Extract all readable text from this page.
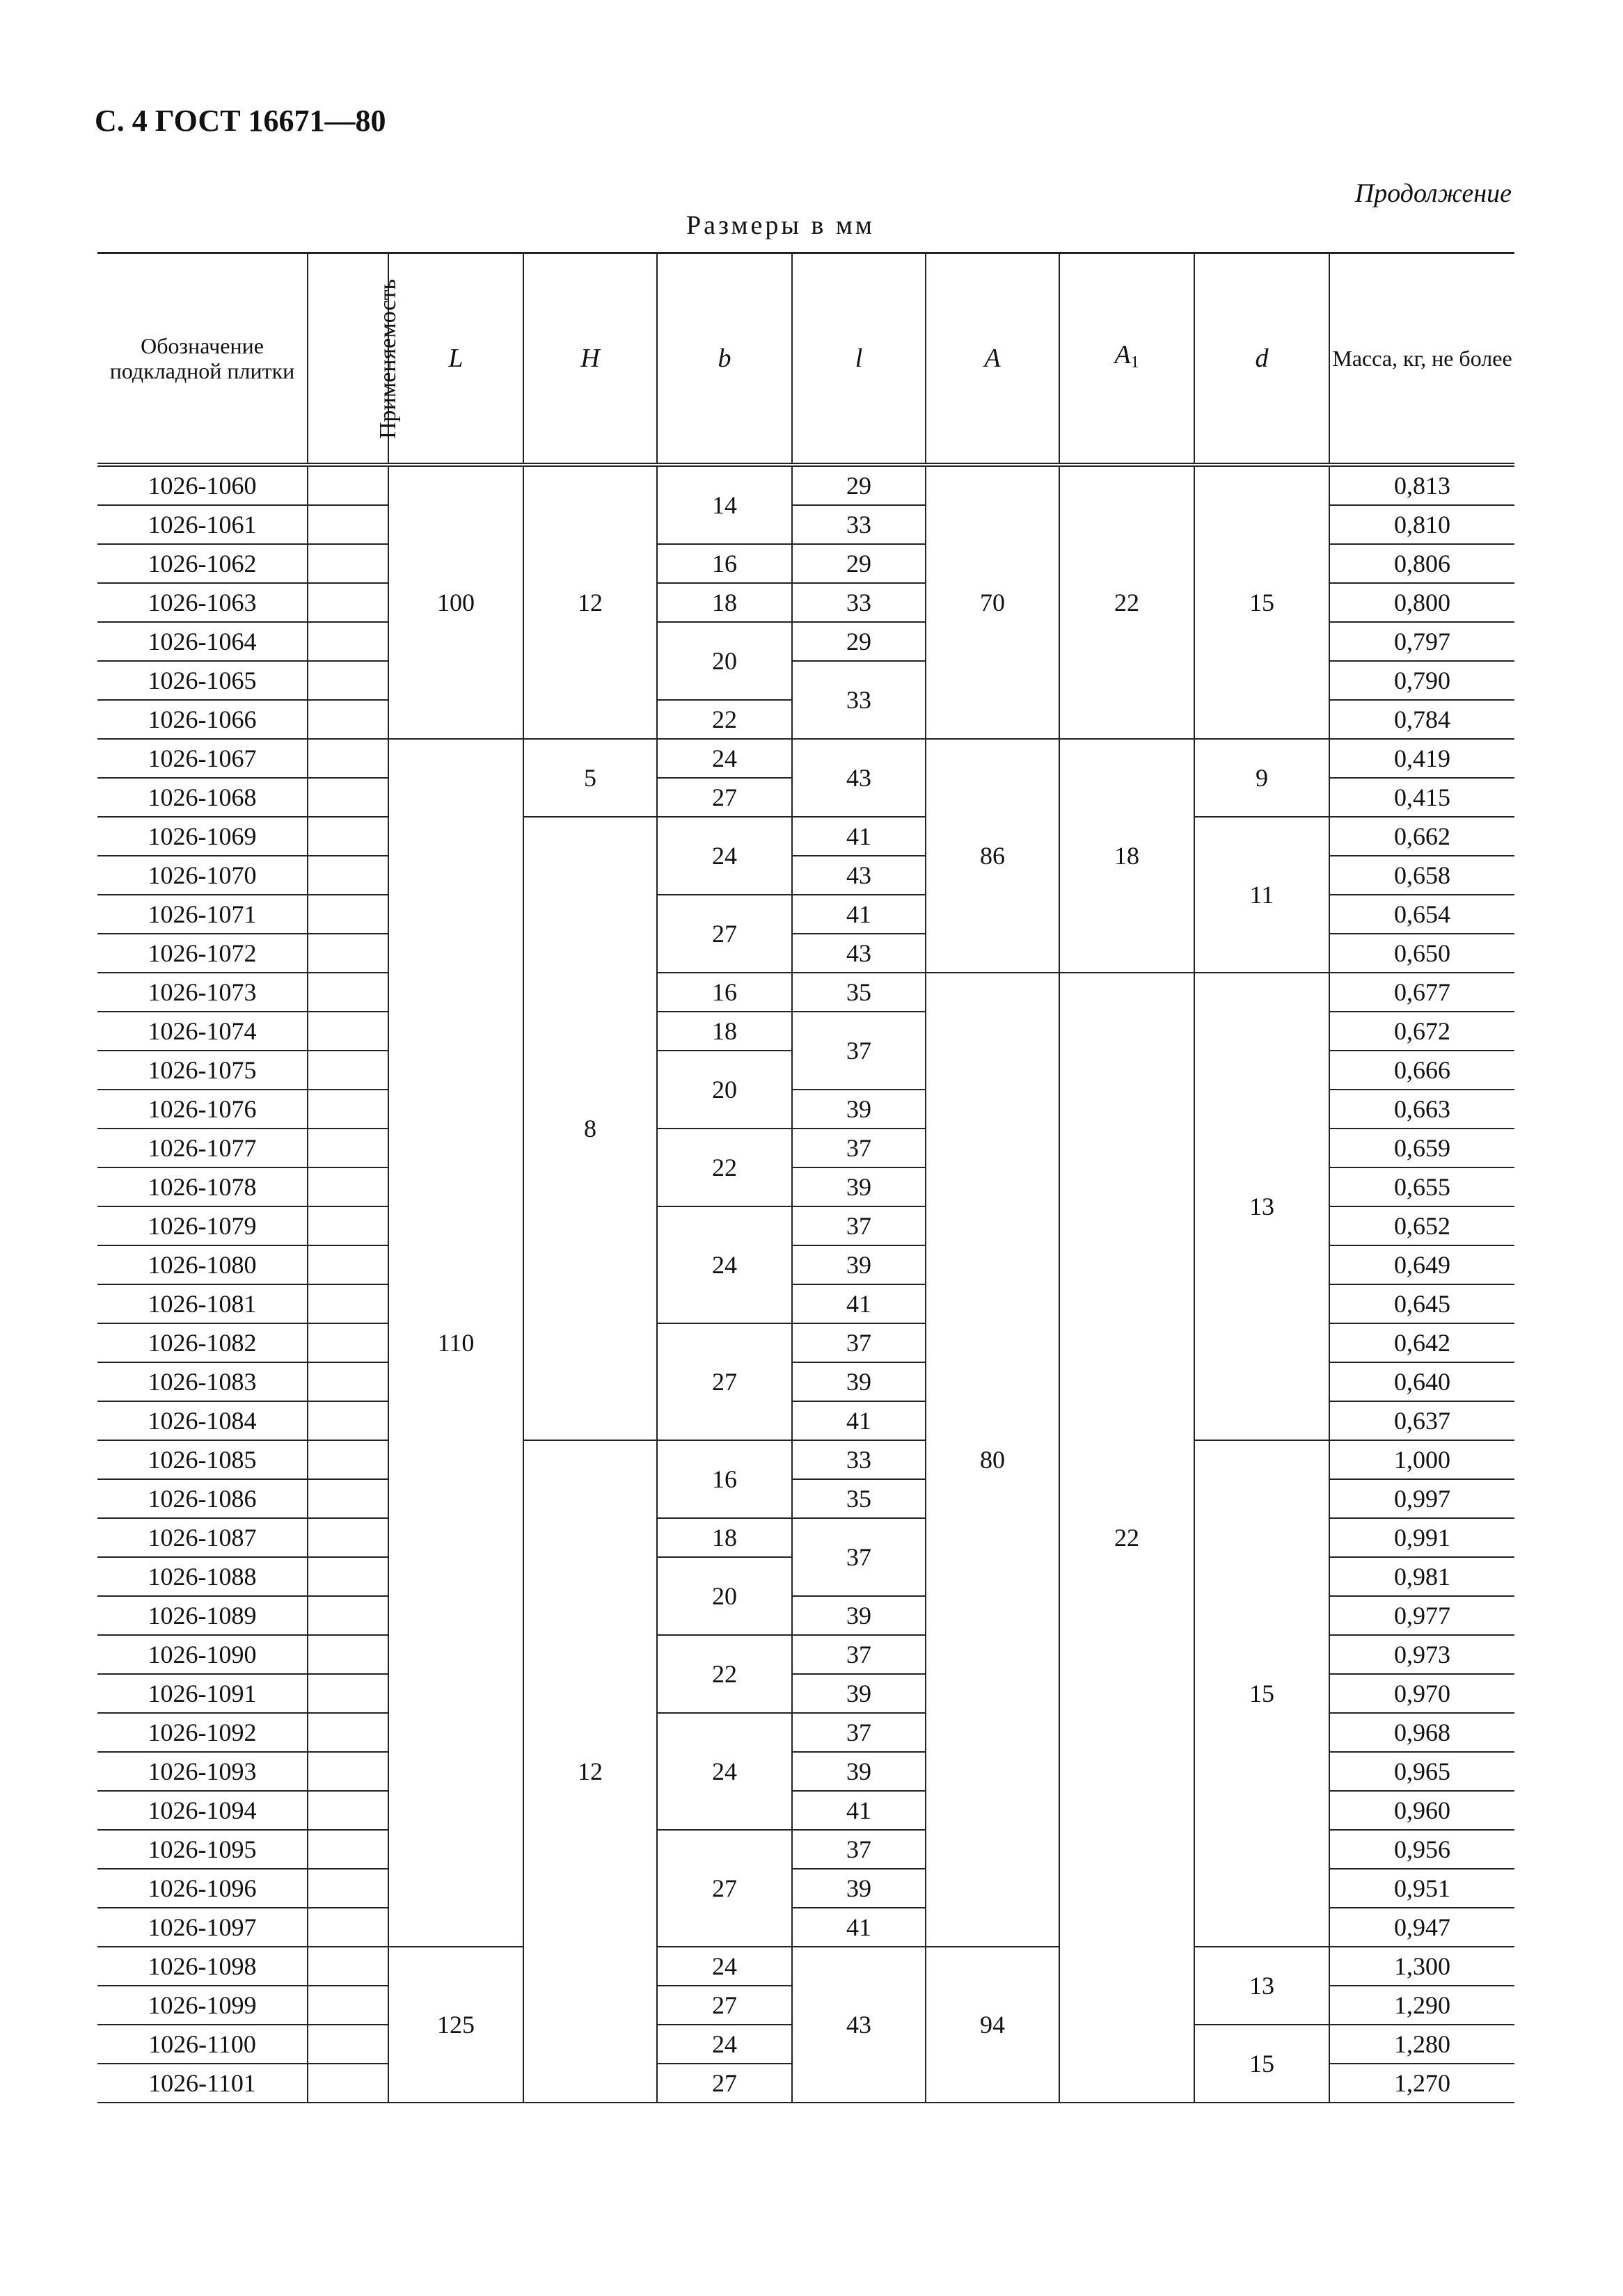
С. 4 ГОСТ 16671—80
Продолжение
Размеры в мм
Обозначение подкладной плитки	Применяемость	L	H	b	l	A	$A_1$	d	Масса, кг, не более
1026-1060		100	12	14	29	70	22	15	0,813
1026-1061					33				0,810
1026-1062				16	29				0,806
1026-1063				18	33				0,800
1026-1064				20	29				0,797
1026-1065					33				0,790
1026-1066				22					0,784
1026-1067		110	5	24	43	86	18	9	0,419
1026-1068				27					0,415
1026-1069			8	24	41			11	0,662
1026-1070					43				0,658
1026-1071				27	41				0,654
1026-1072					43				0,650
1026-1073				16	35	80	22	13	0,677
1026-1074				18	37				0,672
1026-1075				20					0,666
1026-1076					39				0,663
1026-1077				22	37				0,659
1026-1078					39				0,655
1026-1079				24	37				0,652
1026-1080					39				0,649
1026-1081					41				0,645
1026-1082				27	37				0,642
1026-1083					39				0,640
1026-1084					41				0,637
1026-1085			12	16	33			15	1,000
1026-1086					35				0,997
1026-1087				18	37				0,991
1026-1088				20					0,981
1026-1089					39				0,977
1026-1090				22	37				0,973
1026-1091					39				0,970
1026-1092				24	37				0,968
1026-1093					39				0,965
1026-1094					41				0,960
1026-1095				27	37				0,956
1026-1096					39				0,951
1026-1097					41				0,947
1026-1098		125		24	43	94		13	1,300
1026-1099				27					1,290
1026-1100				24				15	1,280
1026-1101				27					1,270
